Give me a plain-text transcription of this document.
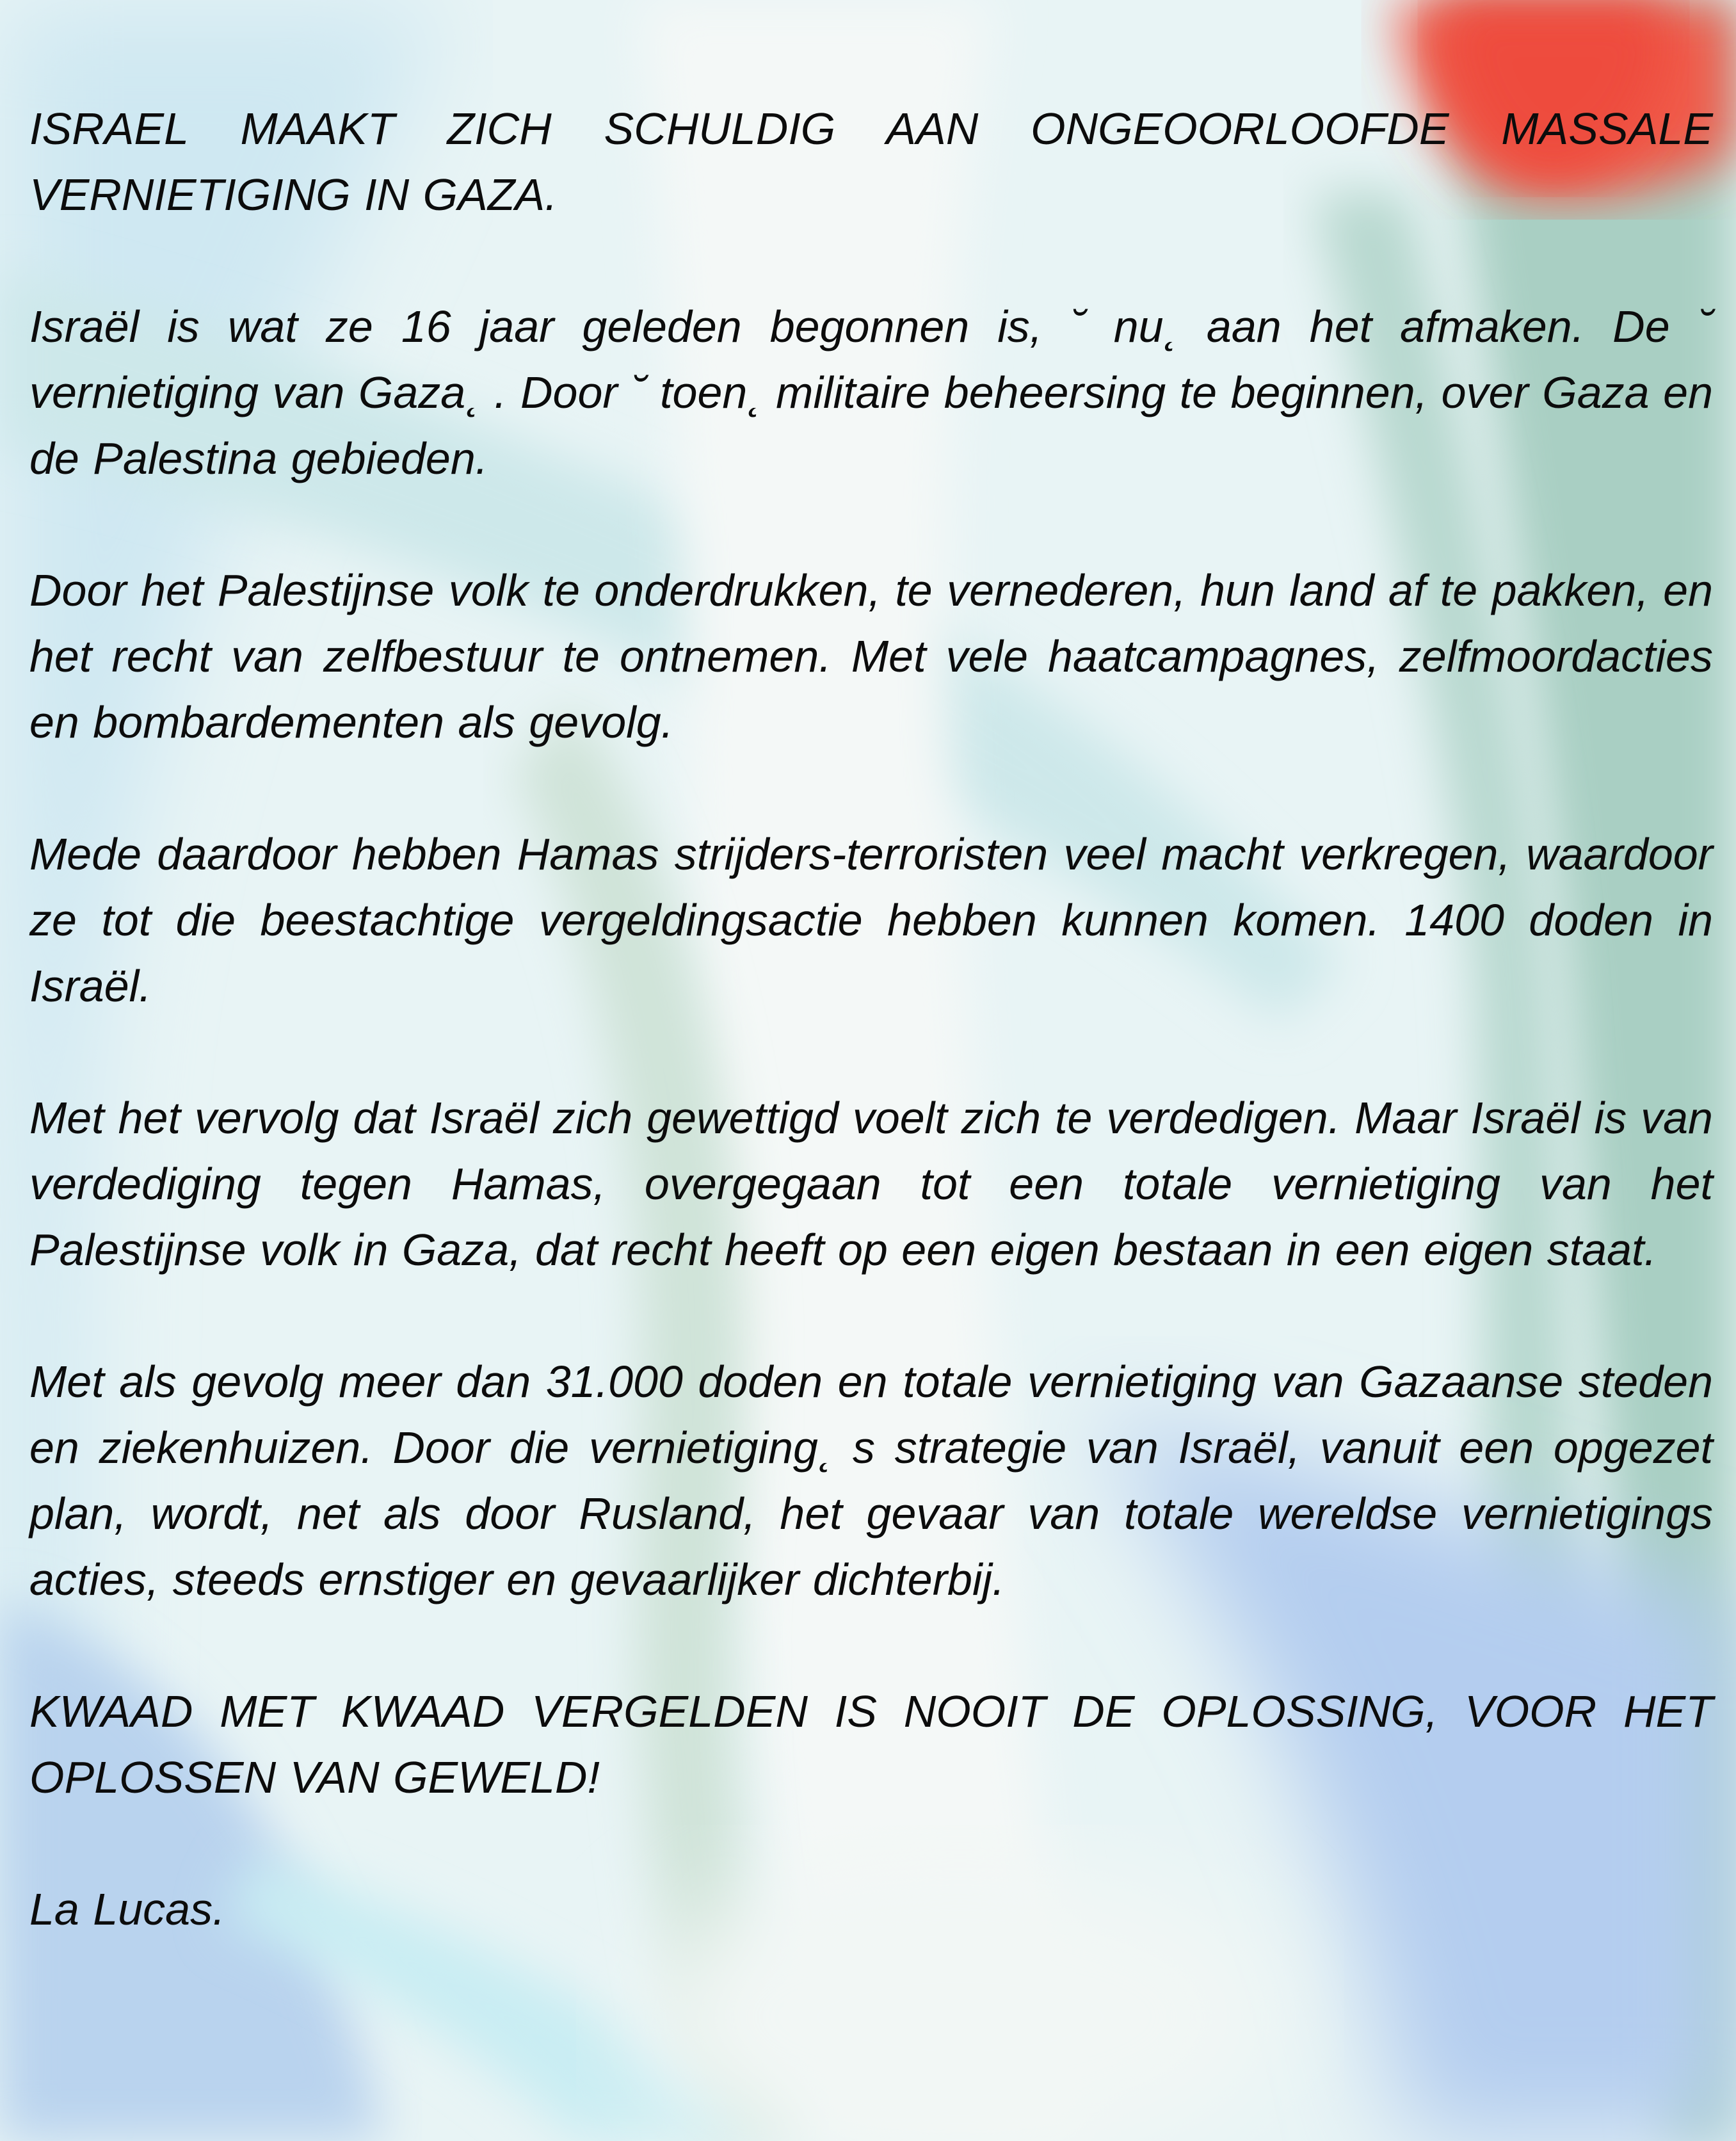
ISRAEL MAAKT ZICH SCHULDIG AAN ONGEOORLOOFDE MASSALE VERNIETIGING IN GAZA.

Israël is wat ze 16 jaar geleden begonnen is, ˘ nu˛ aan het afmaken. De ˘ vernietiging van Gaza˛ . Door ˘ toen˛ militaire beheersing te beginnen, over Gaza en de Palestina gebieden.

Door het Palestijnse volk te onderdrukken, te vernederen, hun land af te pakken, en het recht van zelfbestuur te ontnemen. Met vele haatcampagnes, zelfmoordacties en bombardementen als gevolg.

Mede daardoor hebben Hamas strijders-terroristen veel macht verkregen, waardoor ze tot die beestachtige vergeldingsactie hebben kunnen komen. 1400 doden in Israël.

Met het vervolg dat Israël zich gewettigd voelt zich te verdedigen. Maar Israël is van verdediging tegen Hamas, overgegaan tot een totale vernietiging van het Palestijnse volk in Gaza, dat recht heeft op een eigen bestaan in een eigen staat.

Met als gevolg meer dan 31.000 doden en totale vernietiging van Gazaanse steden en ziekenhuizen. Door die vernietiging˛ s strategie van Israël, vanuit een opgezet plan, wordt, net als door Rusland, het gevaar van totale wereldse vernietigings acties, steeds ernstiger en gevaarlijker dichterbij.

KWAAD MET KWAAD VERGELDEN IS NOOIT DE OPLOSSING, VOOR HET OPLOSSEN VAN GEWELD!

La Lucas.
